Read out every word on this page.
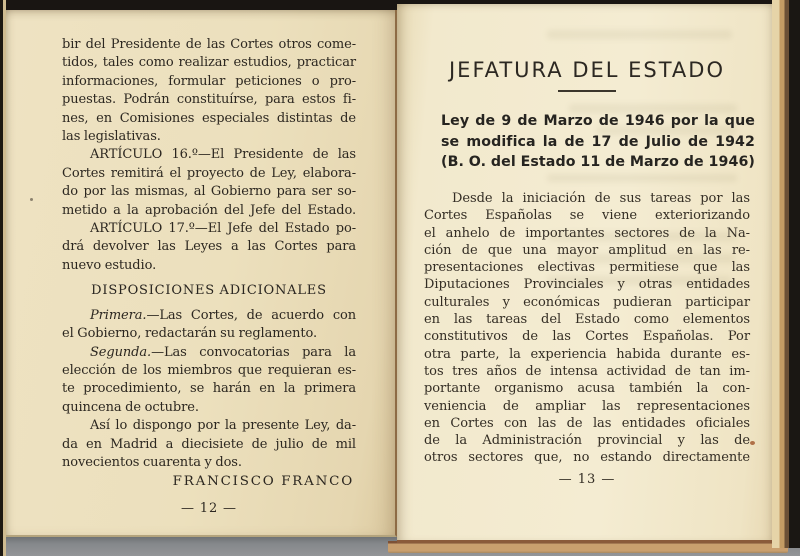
bir del Presidente de las Cortes otros come-
tidos, tales como realizar estudios, practicar
informaciones, formular peticiones o pro-
puestas. Podrán constituírse, para estos fi-
nes, en Comisiones especiales distintas de
las legislativas.
ARTÍCULO 16.º—El Presidente de las
Cortes remitirá el proyecto de Ley, elabora-
do por las mismas, al Gobierno para ser so-
metido a la aprobación del Jefe del Estado.
ARTÍCULO 17.º—El Jefe del Estado po-
drá devolver las Leyes a las Cortes para
nuevo estudio.
DISPOSICIONES ADICIONALES
Primera.—Las Cortes, de acuerdo con
el Gobierno, redactarán su reglamento.
Segunda.—Las convocatorias para la
elección de los miembros que requieran es-
te procedimiento, se harán en la primera
quincena de octubre.
Así lo dispongo por la presente Ley, da-
da en Madrid a diecisiete de julio de mil
novecientos cuarenta y dos.
FRANCISCO FRANCO
— 12 —
JEFATURA DEL ESTADO
Ley de 9 de Marzo de 1946 por la que
se modifica la de 17 de Julio de 1942
(B. O. del Estado 11 de Marzo de 1946)
Desde la iniciación de sus tareas por las
Cortes Españolas se viene exteriorizando
el anhelo de importantes sectores de la Na-
ción de que una mayor amplitud en las re-
presentaciones electivas permitiese que las
Diputaciones Provinciales y otras entidades
culturales y económicas pudieran participar
en las tareas del Estado como elementos
constitutivos de las Cortes Españolas. Por
otra parte, la experiencia habida durante es-
tos tres años de intensa actividad de tan im-
portante organismo acusa también la con-
veniencia de ampliar las representaciones
en Cortes con las de las entidades oficiales
de la Administración provincial y las de
otros sectores que, no estando directamente
— 13 —
